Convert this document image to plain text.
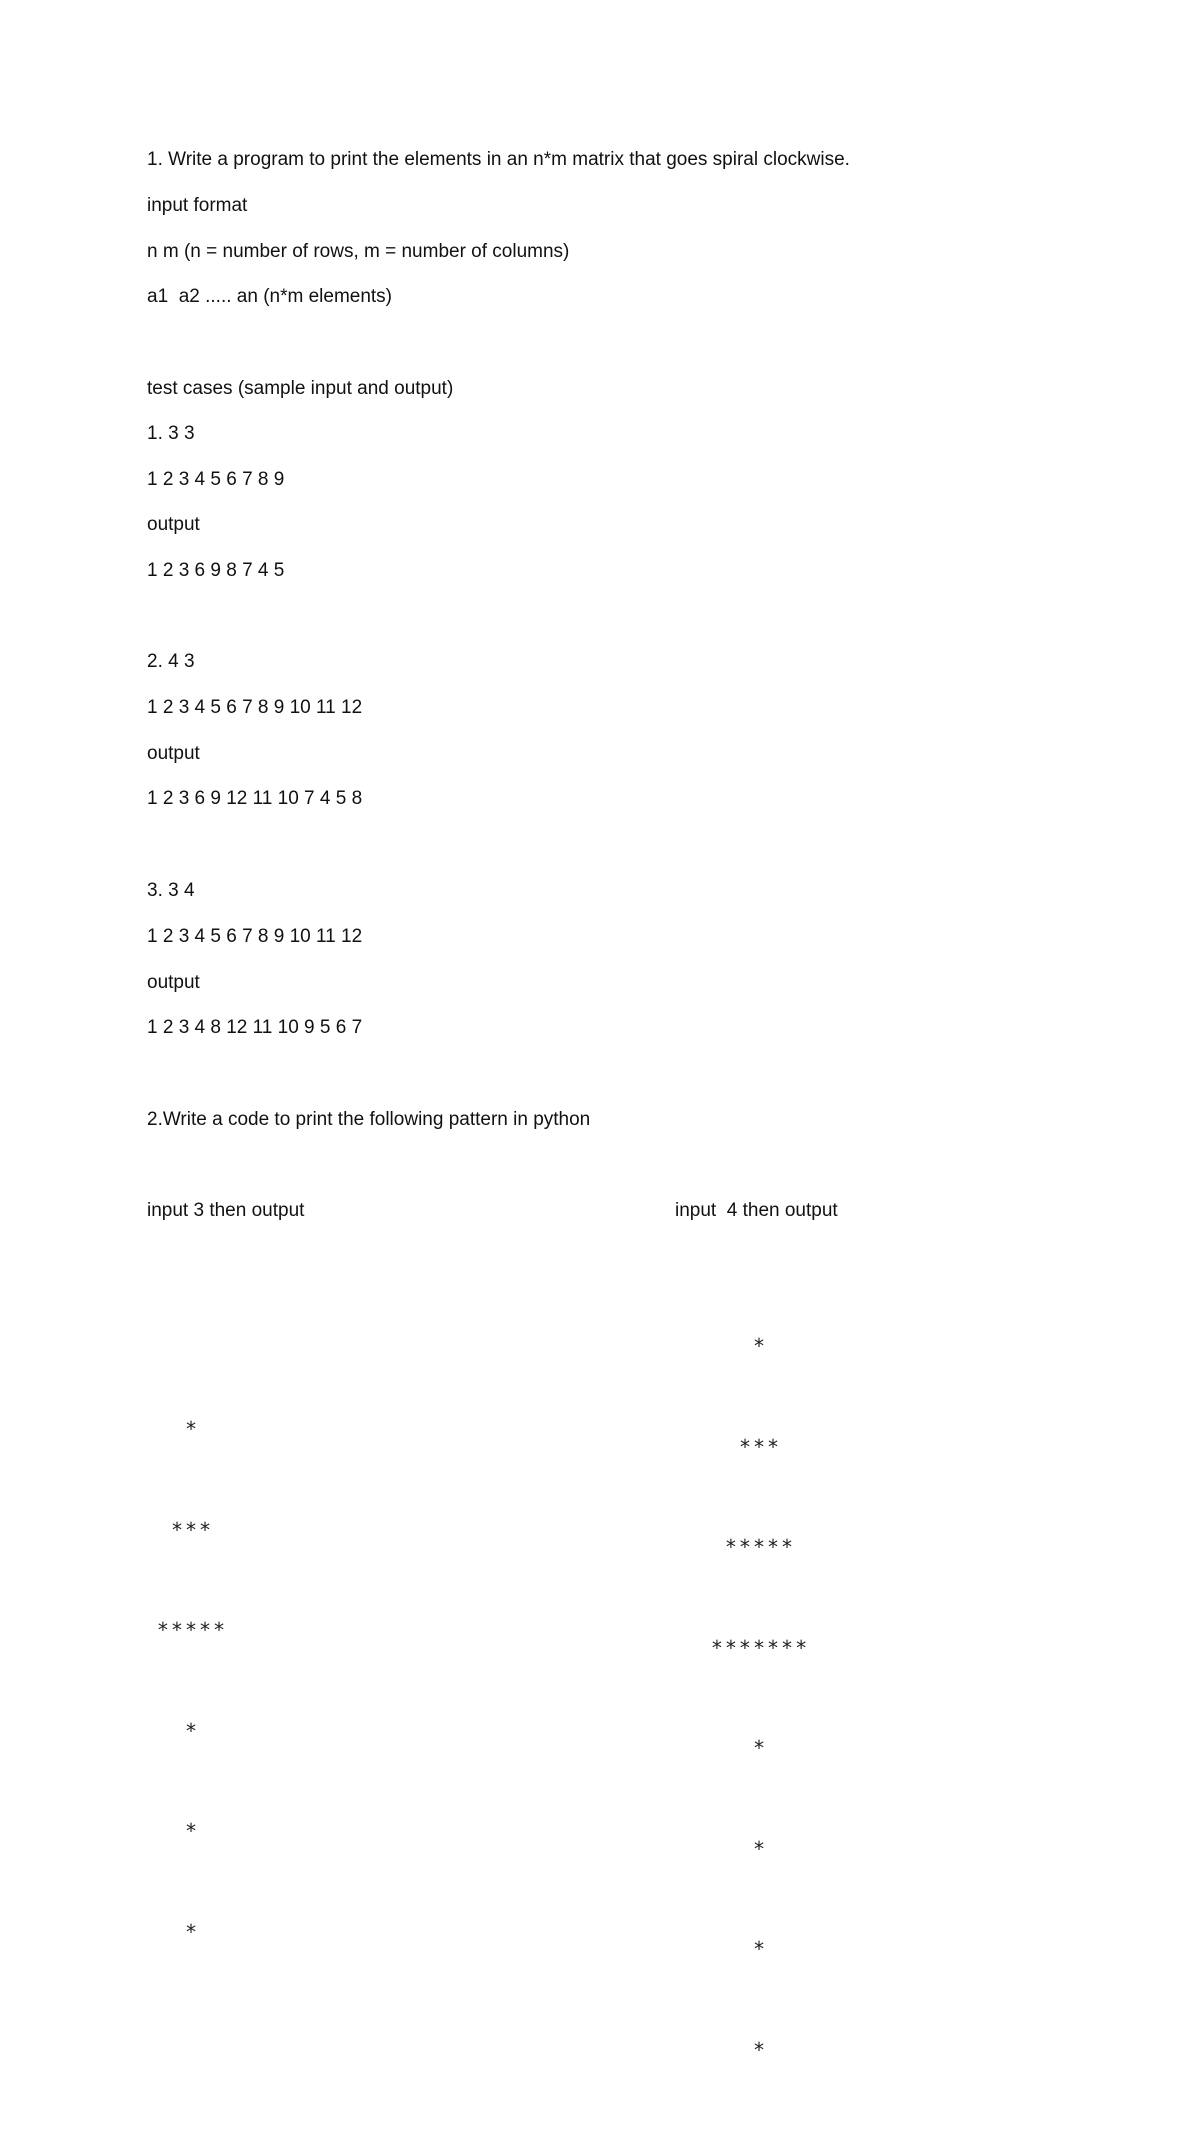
1. Write a program to print the elements in an n*m matrix that goes spiral clockwise.
input format
n m (n = number of rows, m = number of columns)
a1  a2 ..... an (n*m elements)
test cases (sample input and output)
1. 3 3
1 2 3 4 5 6 7 8 9
output
1 2 3 6 9 8 7 4 5
2. 4 3
1 2 3 4 5 6 7 8 9 10 11 12
output
1 2 3 6 9 12 11 10 7 4 5 8
3. 3 4
1 2 3 4 5 6 7 8 9 10 11 12
output
1 2 3 4 8 12 11 10 9 5 6 7
2.Write a code to print the following pattern in python
input 3 then output	input  4 then output

*

***

*****

*

*

*

*

***

*****

*******

*

*

*

*
